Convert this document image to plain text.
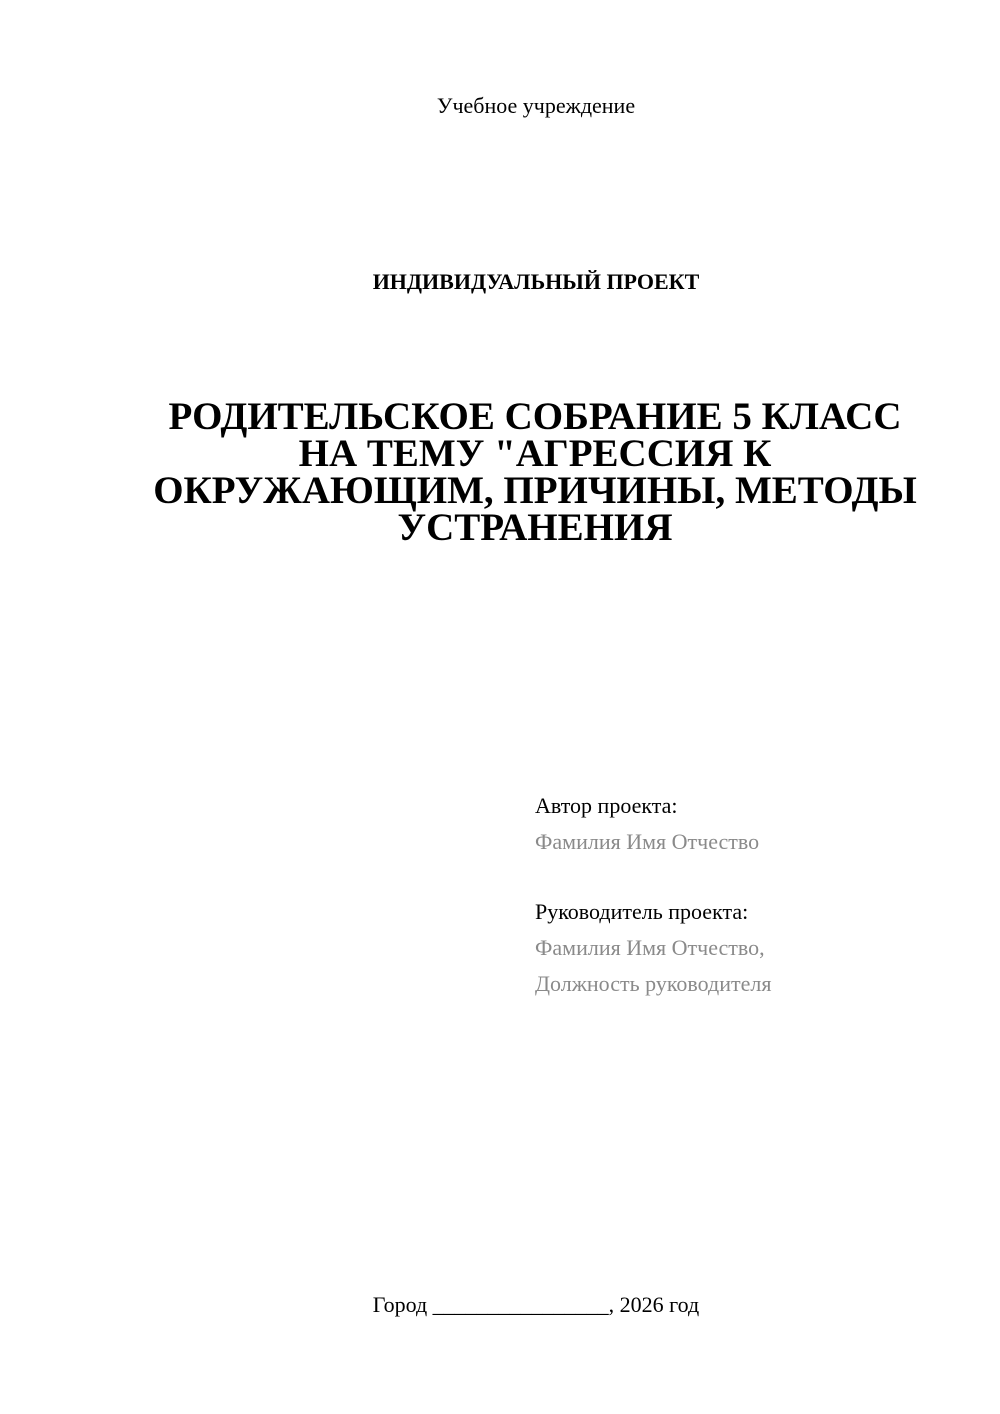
Учебное учреждение
ИНДИВИДУАЛЬНЫЙ ПРОЕКТ
РОДИТЕЛЬСКОЕ СОБРАНИЕ 5 КЛАСС
НА ТЕМУ "АГРЕССИЯ К
ОКРУЖАЮЩИМ, ПРИЧИНЫ, МЕТОДЫ
УСТРАНЕНИЯ
Автор проекта:
Фамилия Имя Отчество
Руководитель проекта:
Фамилия Имя Отчество,
Должность руководителя
Город ________________, 2026 год
